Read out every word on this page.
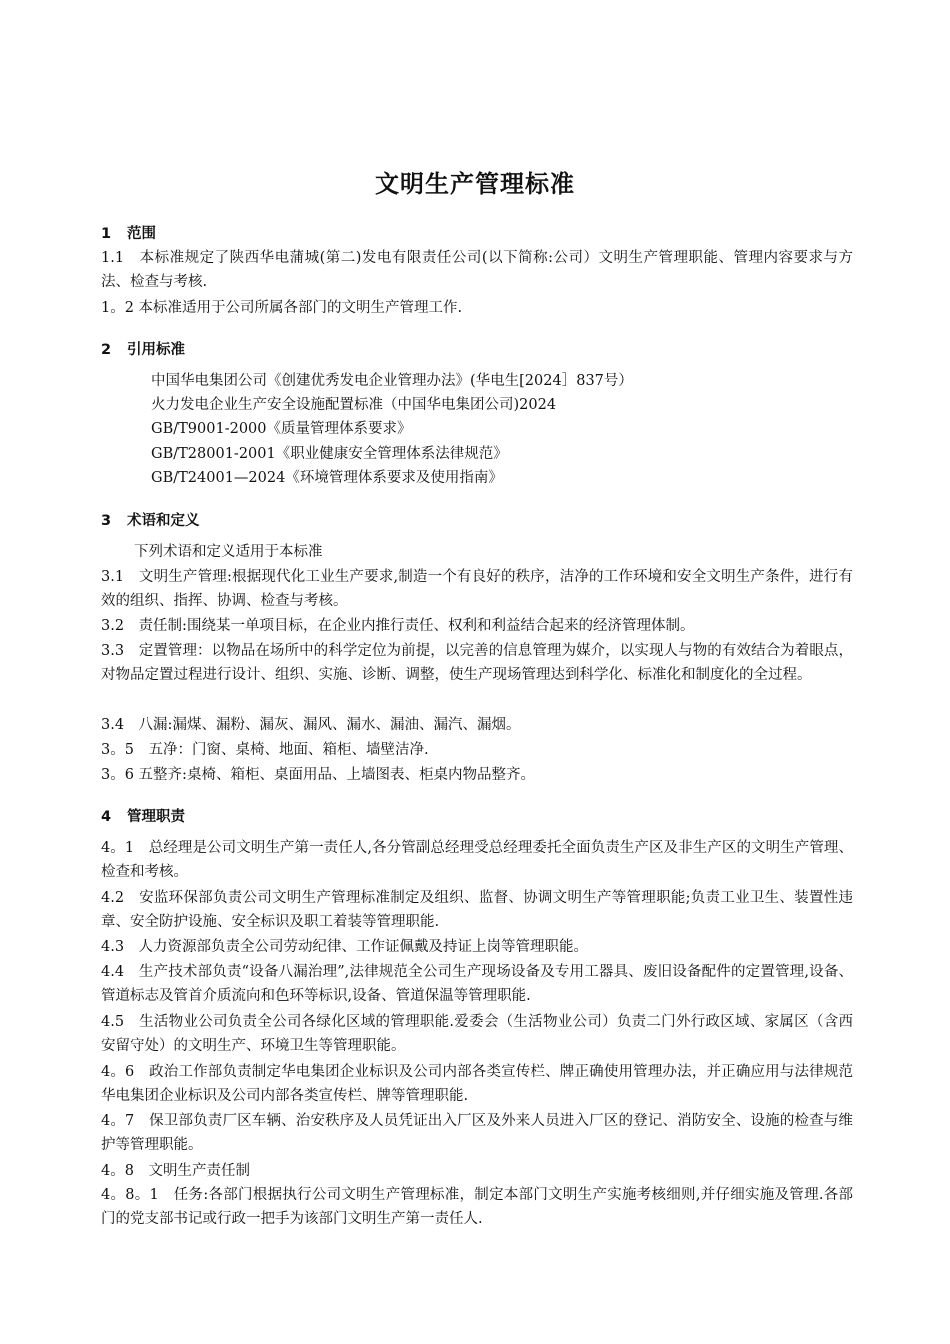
文明生产管理标准
1 范围
1.1　本标准规定了陕西华电蒲城(第二)发电有限责任公司(以下简称:公司）文明生产管理职能、管理内容要求与方法、检查与考核.
1。2 本标准适用于公司所属各部门的文明生产管理工作.
2 引用标准
中国华电集团公司《创建优秀发电企业管理办法》(华电生[2024］837号）
火力发电企业生产安全设施配置标准（中国华电集团公司)2024
GB/T9001-2000《质量管理体系要求》
GB/T28001-2001《职业健康安全管理体系法律规范》
GB/T24001—2024《环境管理体系要求及使用指南》
3 术语和定义
下列术语和定义适用于本标准
3.1　文明生产管理:根据现代化工业生产要求,制造一个有良好的秩序，洁净的工作环境和安全文明生产条件，进行有效的组织、指挥、协调、检查与考核。
3.2　责任制:围绕某一单项目标，在企业内推行责任、权利和利益结合起来的经济管理体制。
3.3　定置管理：以物品在场所中的科学定位为前提，以完善的信息管理为媒介，以实现人与物的有效结合为着眼点，对物品定置过程进行设计、组织、实施、诊断、调整，使生产现场管理达到科学化、标准化和制度化的全过程。
3.4　八漏:漏煤、漏粉、漏灰、漏风、漏水、漏油、漏汽、漏烟。
3。5　五净：门窗、桌椅、地面、箱柜、墙壁洁净.
3。6 五整齐:桌椅、箱柜、桌面用品、上墙图表、柜桌内物品整齐。
4 管理职责
4。1　总经理是公司文明生产第一责任人,各分管副总经理受总经理委托全面负责生产区及非生产区的文明生产管理、检查和考核。
4.2　安监环保部负责公司文明生产管理标准制定及组织、监督、协调文明生产等管理职能;负责工业卫生、装置性违章、安全防护设施、安全标识及职工着装等管理职能.
4.3　人力资源部负责全公司劳动纪律、工作证佩戴及持证上岗等管理职能。
4.4　生产技术部负责“设备八漏治理”,法律规范全公司生产现场设备及专用工器具、废旧设备配件的定置管理,设备、管道标志及管首介质流向和色环等标识,设备、管道保温等管理职能.
4.5　生活物业公司负责全公司各绿化区域的管理职能.爱委会（生活物业公司）负责二门外行政区域、家属区（含西安留守处）的文明生产、环境卫生等管理职能。
4。6　政治工作部负责制定华电集团企业标识及公司内部各类宣传栏、牌正确使用管理办法，并正确应用与法律规范华电集团企业标识及公司内部各类宣传栏、牌等管理职能.
4。7　保卫部负责厂区车辆、治安秩序及人员凭证出入厂区及外来人员进入厂区的登记、消防安全、设施的检查与维护等管理职能。
4。8　文明生产责任制
4。8。1　任务:各部门根据执行公司文明生产管理标准，制定本部门文明生产实施考核细则,并仔细实施及管理.各部门的党支部书记或行政一把手为该部门文明生产第一责任人.
